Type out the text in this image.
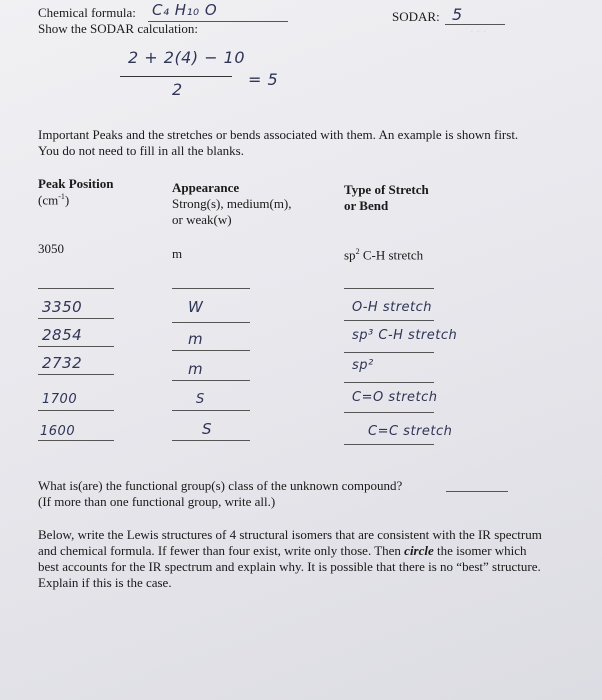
· · ·
Chemical formula: C₄ H₁₀ O	SODAR: 5
Show the SODAR calculation:
2 + 2(4) − 10
2
= 5
Important Peaks and the stretches or bends associated with them. An example is shown first.
You do not need to fill in all the blanks.
Peak Position
$(cm^{-1})$
Appearance
Strong(s), medium(m),
or weak(w)
Type of Stretch
or Bend
3050	m	$sp^2$ C-H stretch
3350	W	O-H stretch
2854	m	sp³ C-H stretch
2732	m	sp²
1700	S	C=O stretch
1600	S	C=C stretch
What is(are) the functional group(s) class of the unknown compound?
(If more than one functional group, write all.)
Below, write the Lewis structures of 4 structural isomers that are consistent with the IR spectrum
and chemical formula. If fewer than four exist, write only those. Then circle the isomer which
best accounts for the IR spectrum and explain why. It is possible that there is no “best” structure.
Explain if this is the case.
